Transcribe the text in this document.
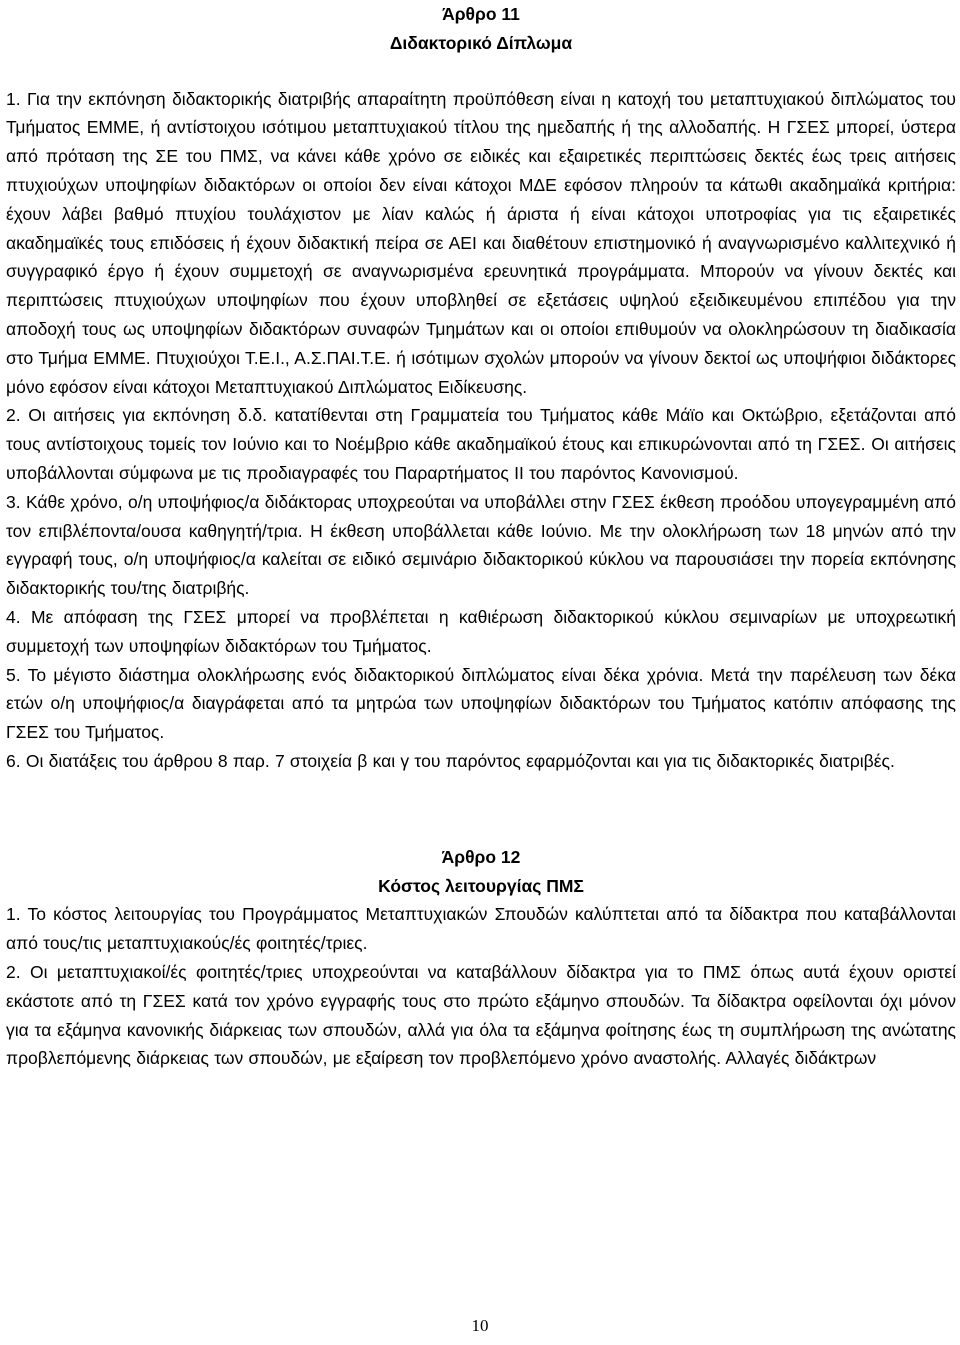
Άρθρο 11
Διδακτορικό Δίπλωμα

1. Για την εκπόνηση διδακτορικής διατριβής απαραίτητη προϋπόθεση είναι η κατοχή του μεταπτυχιακού διπλώματος του Τμήματος ΕΜΜΕ, ή αντίστοιχου ισότιμου μεταπτυχιακού τίτλου της ημεδαπής ή της αλλοδαπής. Η ΓΣΕΣ μπορεί, ύστερα από πρόταση της ΣΕ του ΠΜΣ, να κάνει κάθε χρόνο σε ειδικές και εξαιρετικές περιπτώσεις δεκτές έως τρεις αιτήσεις πτυχιούχων υποψηφίων διδακτόρων οι οποίοι δεν είναι κάτοχοι ΜΔΕ εφόσον πληρούν τα κάτωθι ακαδημαϊκά κριτήρια: έχουν λάβει βαθμό πτυχίου τουλάχιστον με λίαν καλώς ή άριστα ή είναι κάτοχοι υποτροφίας για τις εξαιρετικές ακαδημαϊκές τους επιδόσεις ή έχουν διδακτική πείρα σε ΑΕΙ και διαθέτουν επιστημονικό ή αναγνωρισμένο καλλιτεχνικό ή συγγραφικό έργο ή έχουν συμμετοχή σε αναγνωρισμένα ερευνητικά προγράμματα. Μπορούν να γίνουν δεκτές και περιπτώσεις πτυχιούχων υποψηφίων που έχουν υποβληθεί σε εξετάσεις υψηλού εξειδικευμένου επιπέδου για την αποδοχή τους ως υποψηφίων διδακτόρων συναφών Τμημάτων και οι οποίοι επιθυμούν να ολοκληρώσουν τη διαδικασία στο Τμήμα ΕΜΜΕ. Πτυχιούχοι Τ.Ε.Ι., Α.Σ.ΠΑΙ.Τ.Ε. ή ισότιμων σχολών μπορούν να γίνουν δεκτοί ως υποψήφιοι διδάκτορες μόνο εφόσον είναι κάτοχοι Μεταπτυχιακού Διπλώματος Ειδίκευσης.

2. Οι αιτήσεις για εκπόνηση δ.δ. κατατίθενται στη Γραμματεία του Τμήματος κάθε Μάϊο και Οκτώβριο, εξετάζονται από τους αντίστοιχους τομείς τον Ιούνιο και το Νοέμβριο κάθε ακαδημαϊκού έτους και επικυρώνονται από τη ΓΣΕΣ. Οι αιτήσεις υποβάλλονται σύμφωνα με τις προδιαγραφές του Παραρτήματος ΙΙ του παρόντος Κανονισμού.

3. Κάθε χρόνο, ο/η υποψήφιος/α διδάκτορας υποχρεούται να υποβάλλει στην ΓΣΕΣ έκθεση προόδου υπογεγραμμένη από τον επιβλέποντα/ουσα καθηγητή/τρια. Η έκθεση υποβάλλεται κάθε Ιούνιο. Με την ολοκλήρωση των 18 μηνών από την εγγραφή τους, ο/η υποψήφιος/α καλείται σε ειδικό σεμινάριο διδακτορικού κύκλου να παρουσιάσει την πορεία εκπόνησης διδακτορικής του/της διατριβής.

4. Με απόφαση της ΓΣΕΣ μπορεί να προβλέπεται η καθιέρωση διδακτορικού κύκλου σεμιναρίων με υποχρεωτική συμμετοχή των υποψηφίων διδακτόρων του Τμήματος.

5. Το μέγιστο διάστημα ολοκλήρωσης ενός διδακτορικού διπλώματος είναι δέκα χρόνια. Μετά την παρέλευση των δέκα ετών ο/η υποψήφιος/α διαγράφεται από τα μητρώα των υποψηφίων διδακτόρων του Τμήματος κατόπιν απόφασης της ΓΣΕΣ του Τμήματος.

6. Οι διατάξεις του άρθρου 8 παρ. 7 στοιχεία β και γ του παρόντος εφαρμόζονται και για τις διδακτορικές διατριβές.

Άρθρο 12
Κόστος λειτουργίας ΠΜΣ

1. Το κόστος λειτουργίας του Προγράμματος Μεταπτυχιακών Σπουδών καλύπτεται από τα δίδακτρα που καταβάλλονται από τους/τις μεταπτυχιακούς/ές φοιτητές/τριες.

2. Οι μεταπτυχιακοί/ές φοιτητές/τριες υποχρεούνται να καταβάλλουν δίδακτρα για το ΠΜΣ όπως αυτά έχουν οριστεί εκάστοτε από τη ΓΣΕΣ κατά τον χρόνο εγγραφής τους στο πρώτο εξάμηνο σπουδών. Τα δίδακτρα οφείλονται όχι μόνον για τα εξάμηνα κανονικής διάρκειας των σπουδών, αλλά για όλα τα εξάμηνα φοίτησης έως τη συμπλήρωση της ανώτατης προβλεπόμενης διάρκειας των σπουδών, με εξαίρεση τον προβλεπόμενο χρόνο αναστολής. Αλλαγές διδάκτρων

10
